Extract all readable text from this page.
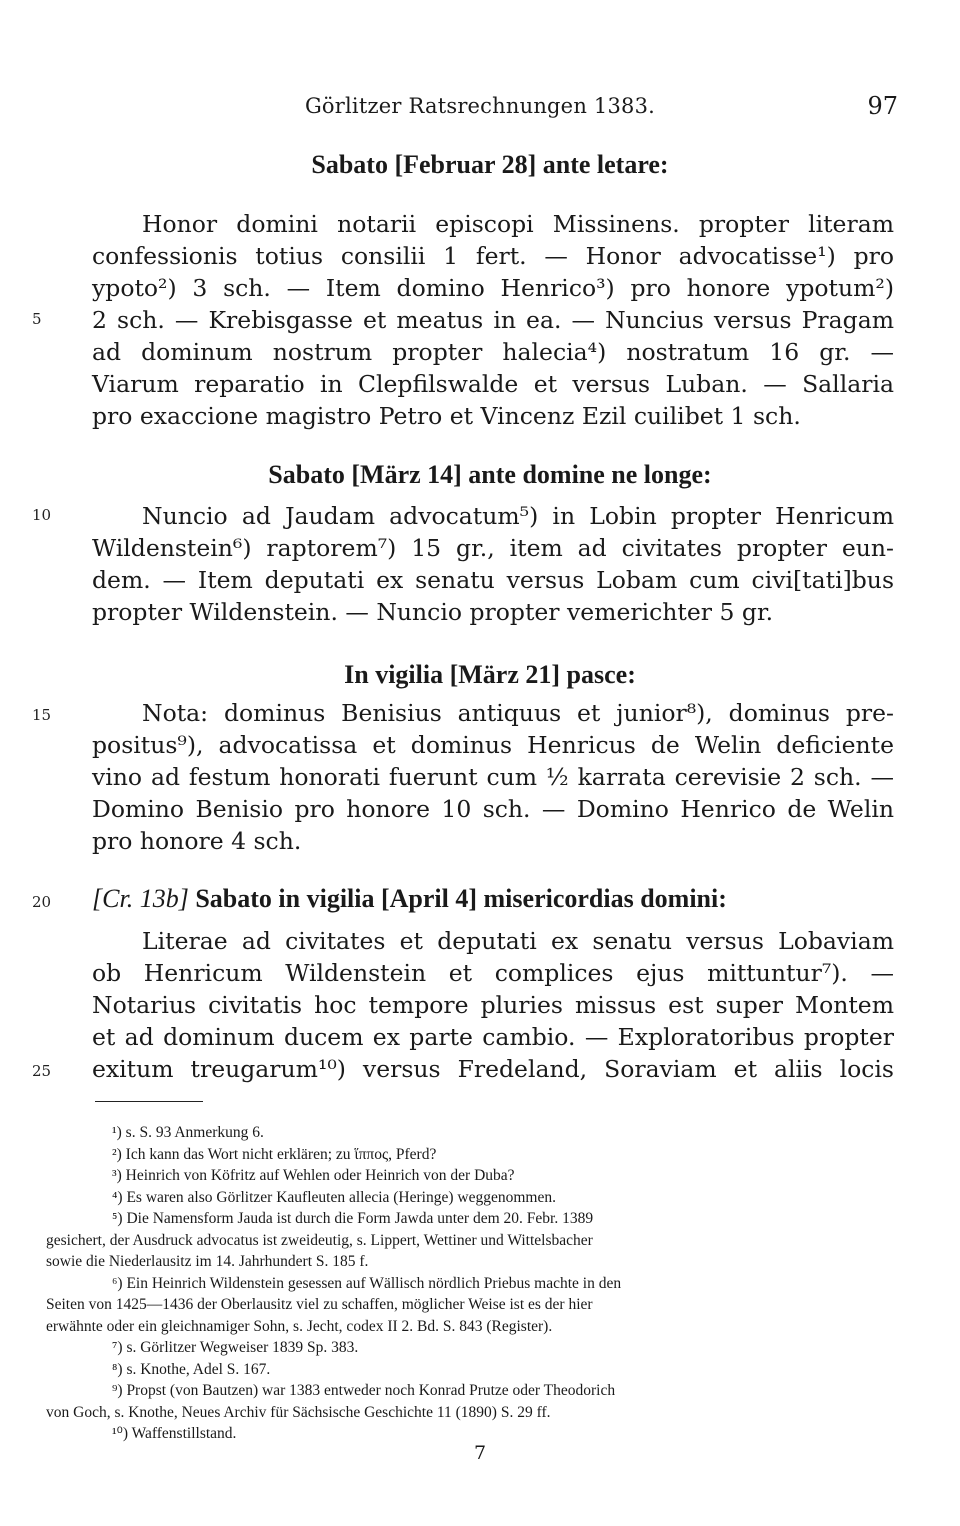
Görlitzer Ratsrechnungen 1383.	97
Sabato [Februar 28] ante letare:
Honor domini notarii episcopi Missinens. propter literam
confessionis totius consilii 1 fert. — Honor advocatisse¹) pro
ypoto²) 3 sch. — Item domino Henrico³) pro honore ypotum²)
2 sch. — Krebisgasse et meatus in ea. — Nuncius versus Pragam
ad dominum nostrum propter halecia⁴) nostratum 16 gr. —
Viarum reparatio in Clepfilswalde et versus Luban. — Sallaria
pro exaccione magistro Petro et Vincenz Ezil cuilibet 1 sch.
Sabato [März 14] ante domine ne longe:
Nuncio ad Jaudam advocatum⁵) in Lobin propter Henricum
Wildenstein⁶) raptorem⁷) 15 gr., item ad civitates propter eun-
dem. — Item deputati ex senatu versus Lobam cum civi[tati]bus
propter Wildenstein. — Nuncio propter vemerichter 5 gr.
In vigilia [März 21] pasce:
Nota: dominus Benisius antiquus et junior⁸), dominus pre-
positus⁹), advocatissa et dominus Henricus de Welin deficiente
vino ad festum honorati fuerunt cum ½ karrata cerevisie 2 sch. —
Domino Benisio pro honore 10 sch. — Domino Henrico de Welin
pro honore 4 sch.
[Cr. 13b] Sabato in vigilia [April 4] misericordias domini:
Literae ad civitates et deputati ex senatu versus Lobaviam
ob Henricum Wildenstein et complices ejus mittuntur⁷). —
Notarius civitatis hoc tempore pluries missus est super Montem
et ad dominum ducem ex parte cambio. — Exploratoribus propter
exitum treugarum¹⁰) versus Fredeland, Soraviam et aliis locis
5
10
15
20
25
¹) s. S. 93 Anmerkung 6.
²) Ich kann das Wort nicht erklären; zu ἵππος, Pferd?
³) Heinrich von Köfritz auf Wehlen oder Heinrich von der Duba?
⁴) Es waren also Görlitzer Kaufleuten allecia (Heringe) weggenommen.
⁵) Die Namensform Jauda ist durch die Form Jawda unter dem 20. Febr. 1389
gesichert, der Ausdruck advocatus ist zweideutig, s. Lippert, Wettiner und Wittelsbacher
sowie die Niederlausitz im 14. Jahrhundert S. 185 f.
⁶) Ein Heinrich Wildenstein gesessen auf Wällisch nördlich Priebus machte in den
Seiten von 1425—1436 der Oberlausitz viel zu schaffen, möglicher Weise ist es der hier
erwähnte oder ein gleichnamiger Sohn, s. Jecht, codex II 2. Bd. S. 843 (Register).
⁷) s. Görlitzer Wegweiser 1839 Sp. 383.
⁸) s. Knothe, Adel S. 167.
⁹) Propst (von Bautzen) war 1383 entweder noch Konrad Prutze oder Theodorich
von Goch, s. Knothe, Neues Archiv für Sächsische Geschichte 11 (1890) S. 29 ff.
¹⁰) Waffenstillstand.
7
